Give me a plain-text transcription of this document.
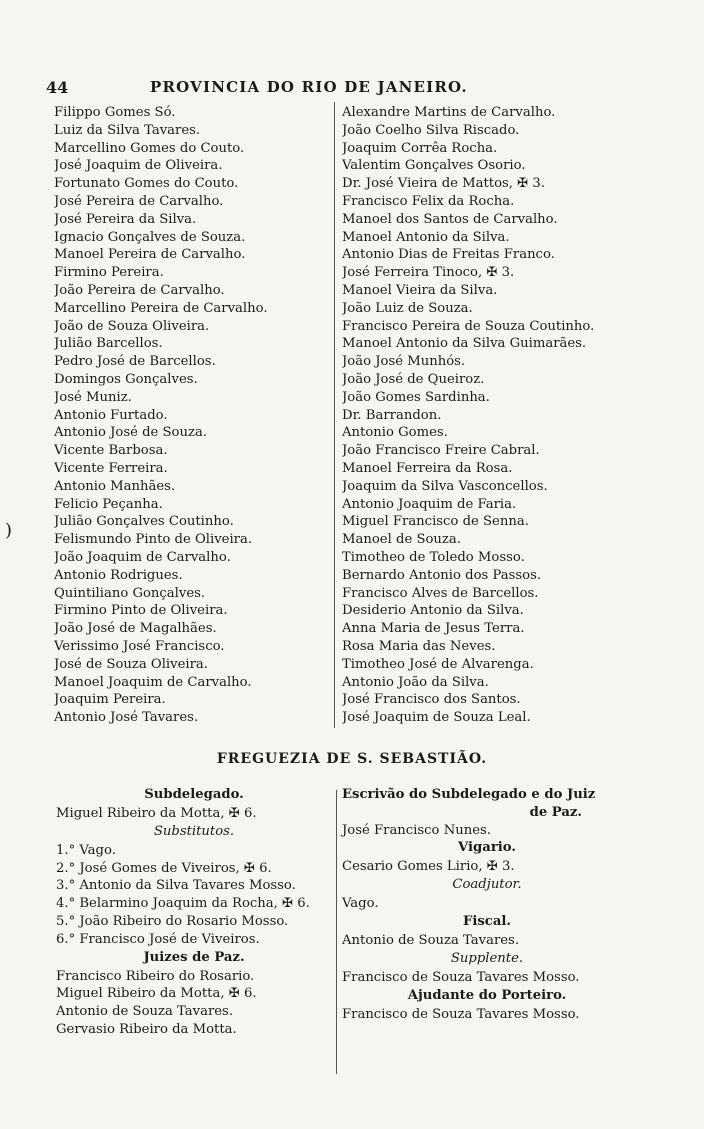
44	PROVINCIA DO RIO DE JANEIRO.
Filippo Gomes Só.
Luiz da Silva Tavares.
Marcellino Gomes do Couto.
José Joaquim de Oliveira.
Fortunato Gomes do Couto.
José Pereira de Carvalho.
José Pereira da Silva.
Ignacio Gonçalves de Souza.
Manoel Pereira de Carvalho.
Firmino Pereira.
João Pereira de Carvalho.
Marcellino Pereira de Carvalho.
João de Souza Oliveira.
Julião Barcellos.
Pedro José de Barcellos.
Domingos Gonçalves.
José Muniz.
Antonio Furtado.
Antonio José de Souza.
Vicente Barbosa.
Vicente Ferreira.
Antonio Manhães.
Felicio Peçanha.
Julião Gonçalves Coutinho.
Felismundo Pinto de Oliveira.
João Joaquim de Carvalho.
Antonio Rodrigues.
Quintiliano Gonçalves.
Firmino Pinto de Oliveira.
João José de Magalhães.
Verissimo José Francisco.
José de Souza Oliveira.
Manoel Joaquim de Carvalho.
Joaquim Pereira.
Antonio José Tavares.
Alexandre Martins de Carvalho.
João Coelho Silva Riscado.
Joaquim Corrêa Rocha.
Valentim Gonçalves Osorio.
Dr. José Vieira de Mattos, ✠ 3.
Francisco Felix da Rocha.
Manoel dos Santos de Carvalho.
Manoel Antonio da Silva.
Antonio Dias de Freitas Franco.
José Ferreira Tinoco, ✠ 3.
Manoel Vieira da Silva.
João Luiz de Souza.
Francisco Pereira de Souza Coutinho.
Manoel Antonio da Silva Guimarães.
João José Munhós.
João José de Queiroz.
João Gomes Sardinha.
Dr. Barrandon.
Antonio Gomes.
João Francisco Freire Cabral.
Manoel Ferreira da Rosa.
Joaquim da Silva Vasconcellos.
Antonio Joaquim de Faria.
Miguel Francisco de Senna.
Manoel de Souza.
Timotheo de Toledo Mosso.
Bernardo Antonio dos Passos.
Francisco Alves de Barcellos.
Desiderio Antonio da Silva.
Anna Maria de Jesus Terra.
Rosa Maria das Neves.
Timotheo José de Alvarenga.
Antonio João da Silva.
José Francisco dos Santos.
José Joaquim de Souza Leal.
FREGUEZIA DE S. SEBASTIÃO.
Subdelegado.
Miguel Ribeiro da Motta, ✠ 6.
Substitutos.
1.° Vago.
2.° José Gomes de Viveiros, ✠ 6.
3.° Antonio da Silva Tavares Mosso.
4.° Belarmino Joaquim da Rocha, ✠ 6.
5.° João Ribeiro do Rosario Mosso.
6.° Francisco José de Viveiros.
Juizes de Paz.
Francisco Ribeiro do Rosario.
Miguel Ribeiro da Motta, ✠ 6.
Antonio de Souza Tavares.
Gervasio Ribeiro da Motta.
Escrivão do Subdelegado e do Juiz
de Paz.
José Francisco Nunes.
Vigario.
Cesario Gomes Lirio, ✠ 3.
Coadjutor.
Vago.
Fiscal.
Antonio de Souza Tavares.
Supplente.
Francisco de Souza Tavares Mosso.
Ajudante do Porteiro.
Francisco de Souza Tavares Mosso.
)
